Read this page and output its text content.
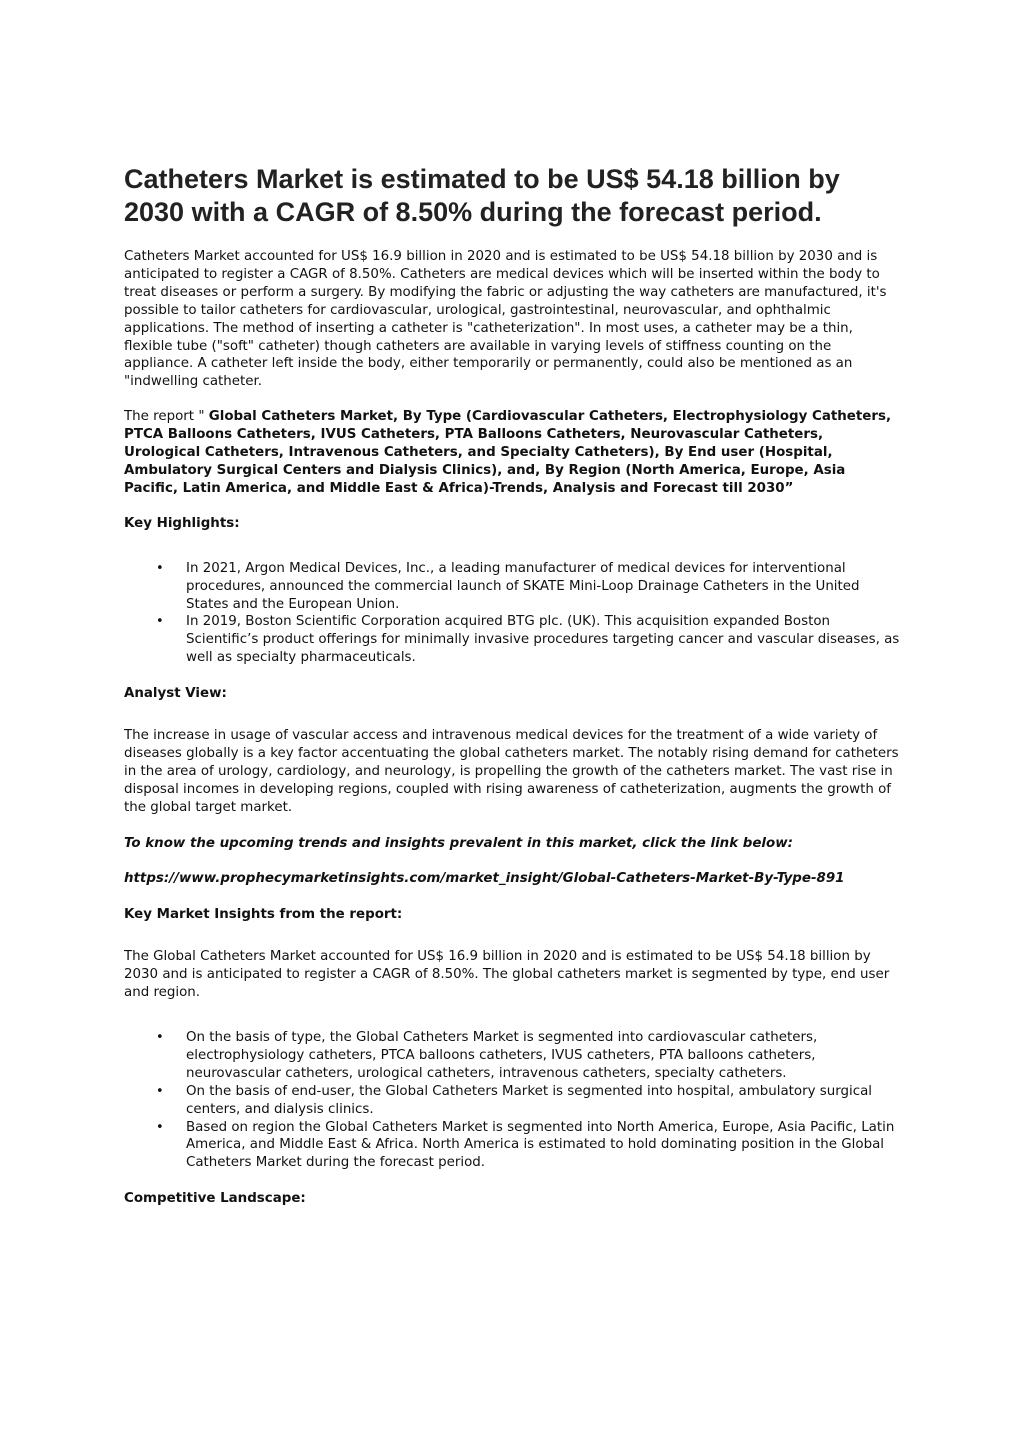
Catheters Market is estimated to be US$ 54.18 billion by 2030 with a CAGR of 8.50% during the forecast period.

Catheters Market accounted for US$ 16.9 billion in 2020 and is estimated to be US$ 54.18 billion by 2030 and is anticipated to register a CAGR of 8.50%. Catheters are medical devices which will be inserted within the body to treat diseases or perform a surgery. By modifying the fabric or adjusting the way catheters are manufactured, it's possible to tailor catheters for cardiovascular, urological, gastrointestinal, neurovascular, and ophthalmic applications. The method of inserting a catheter is "catheterization". In most uses, a catheter may be a thin, flexible tube ("soft" catheter) though catheters are available in varying levels of stiffness counting on the appliance. A catheter left inside the body, either temporarily or permanently, could also be mentioned as an "indwelling catheter.

The report " Global Catheters Market, By Type (Cardiovascular Catheters, Electrophysiology Catheters, PTCA Balloons Catheters, IVUS Catheters, PTA Balloons Catheters, Neurovascular Catheters, Urological Catheters, Intravenous Catheters, and Specialty Catheters), By End user (Hospital, Ambulatory Surgical Centers and Dialysis Clinics), and, By Region (North America, Europe, Asia Pacific, Latin America, and Middle East & Africa)-Trends, Analysis and Forecast till 2030”

Key Highlights:
• In 2021, Argon Medical Devices, Inc., a leading manufacturer of medical devices for interventional procedures, announced the commercial launch of SKATE Mini-Loop Drainage Catheters in the United States and the European Union.
• In 2019, Boston Scientific Corporation acquired BTG plc. (UK). This acquisition expanded Boston Scientific’s product offerings for minimally invasive procedures targeting cancer and vascular diseases, as well as specialty pharmaceuticals.
Analyst View:

The increase in usage of vascular access and intravenous medical devices for the treatment of a wide variety of diseases globally is a key factor accentuating the global catheters market. The notably rising demand for catheters in the area of urology, cardiology, and neurology, is propelling the growth of the catheters market. The vast rise in disposal incomes in developing regions, coupled with rising awareness of catheterization, augments the growth of the global target market.

To know the upcoming trends and insights prevalent in this market, click the link below:

https://www.prophecymarketinsights.com/market_insight/Global-Catheters-Market-By-Type-891

Key Market Insights from the report:

The Global Catheters Market accounted for US$ 16.9 billion in 2020 and is estimated to be US$ 54.18 billion by 2030 and is anticipated to register a CAGR of 8.50%. The global catheters market is segmented by type, end user and region.

• On the basis of type, the Global Catheters Market is segmented into cardiovascular catheters, electrophysiology catheters, PTCA balloons catheters, IVUS catheters, PTA balloons catheters, neurovascular catheters, urological catheters, intravenous catheters, specialty catheters.
• On the basis of end-user, the Global Catheters Market is segmented into hospital, ambulatory surgical centers, and dialysis clinics.
• Based on region the Global Catheters Market is segmented into North America, Europe, Asia Pacific, Latin America, and Middle East & Africa. North America is estimated to hold dominating position in the Global Catheters Market during the forecast period.
Competitive Landscape:
